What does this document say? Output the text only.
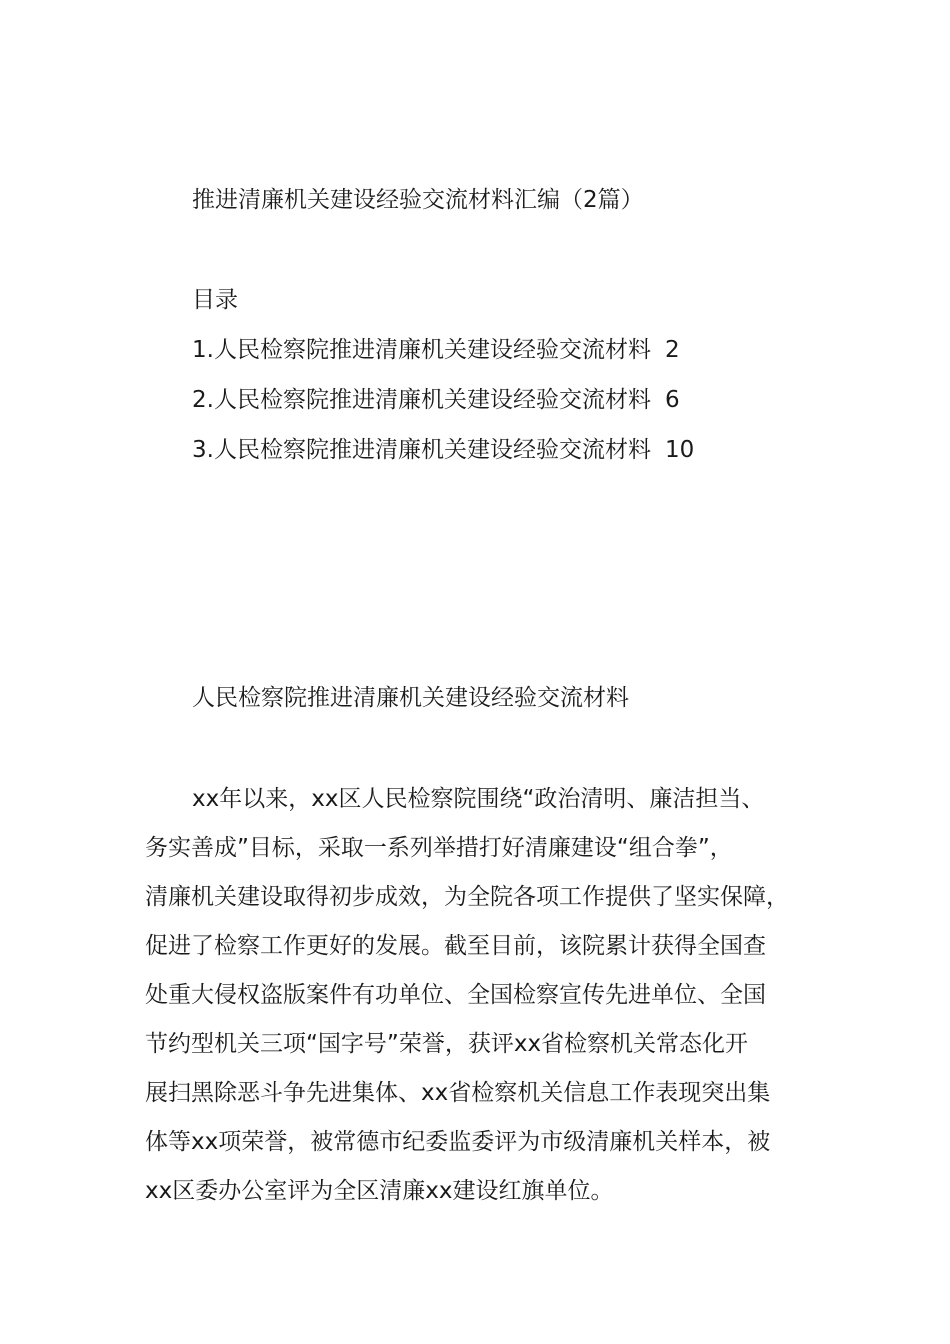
推进清廉机关建设经验交流材料汇编（2篇）
目录
1. 人民检察院推进清廉机关建设经验交流材料 2
2. 人民检察院推进清廉机关建设经验交流材料 6
3. 人民检察院推进清廉机关建设经验交流材料 10
人民检察院推进清廉机关建设经验交流材料
xx年以来，xx区人民检察院围绕“政治清明、廉洁担当、
务实善成”目标，采取一系列举措打好清廉建设“组合拳”，
清廉机关建设取得初步成效，为全院各项工作提供了坚实保障，
促进了检察工作更好的发展。截至目前，该院累计获得全国查
处重大侵权盗版案件有功单位、全国检察宣传先进单位、全国
节约型机关三项“国字号”荣誉，获评xx省检察机关常态化开
展扫黑除恶斗争先进集体、xx省检察机关信息工作表现突出集
体等xx项荣誉，被常德市纪委监委评为市级清廉机关样本，被
xx区委办公室评为全区清廉xx建设红旗单位。
